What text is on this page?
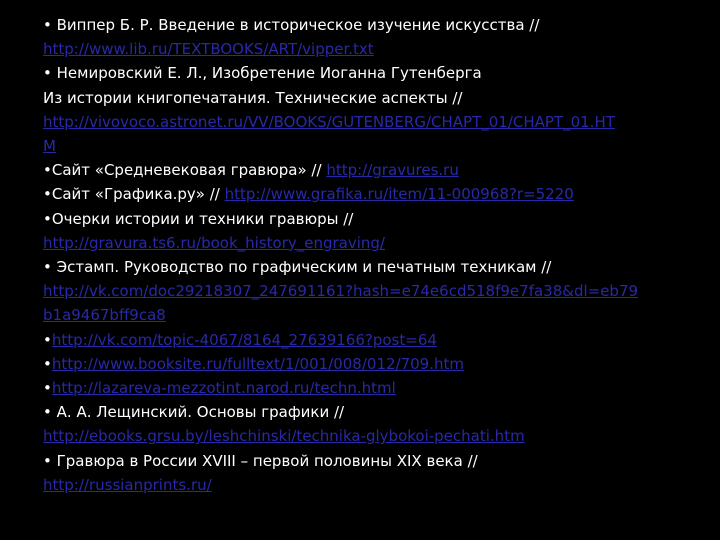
• Виппер Б. Р. Введение в историческое изучение искусства //
http://www.lib.ru/TEXTBOOKS/ART/vipper.txt
• Немировский Е. Л., Изобретение Иоганна Гутенберга
Из истории книгопечатания. Технические аспекты //
http://vivovoco.astronet.ru/VV/BOOKS/GUTENBERG/CHAPT_01/CHAPT_01.HT
M
•Сайт «Средневековая гравюра» // http://gravures.ru
•Сайт «Графика.ру» // http://www.grafika.ru/item/11-000968?r=5220
•Очерки истории и техники гравюры //
http://gravura.ts6.ru/book_history_engraving/
• Эстамп. Руководство по графическим и печатным техникам //
http://vk.com/doc29218307_247691161?hash=e74e6cd518f9e7fa38&dl=eb79
b1a9467bff9ca8
•http://vk.com/topic-4067/8164_27639166?post=64
•http://www.booksite.ru/fulltext/1/001/008/012/709.htm
•http://lazareva-mezzotint.narod.ru/techn.html
• А. А. Лещинский. Основы графики //
http://ebooks.grsu.by/leshchinski/technika-glybokoi-pechati.htm
• Гравюра в России XVIII – первой половины XIX века //
http://russianprints.ru/
